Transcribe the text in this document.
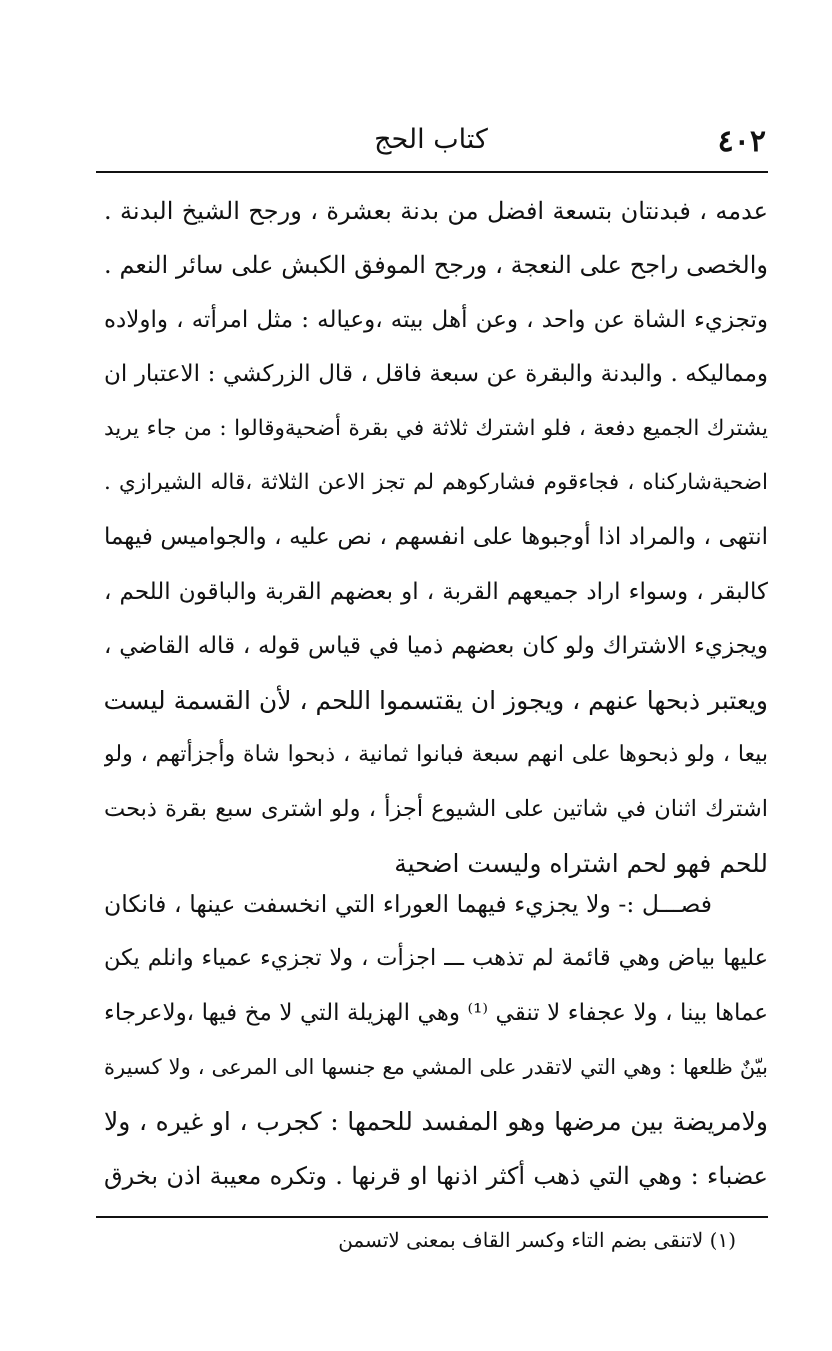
٤٠٢
كتاب الحج
عدمه ، فبدنتان بتسعة افضل من بدنة بعشرة ، ورجح الشيخ البدنة .
والخصى راجح على النعجة ، ورجح الموفق الكبش على سائر النعم .
وتجزيء الشاة عن واحد ، وعن أهل بيته ،وعياله : مثل امرأته ، واولاده
ومماليكه . والبدنة والبقرة عن سبعة فاقل ، قال الزركشي : الاعتبار ان
يشترك الجميع دفعة ، فلو اشترك ثلاثة في بقرة أضحيةوقالوا : من جاء يريد
اضحيةشاركناه ، فجاءقوم فشاركوهم لم تجز الاعن الثلاثة ،قاله الشيرازي .
انتهى ، والمراد اذا أوجبوها على انفسهم ، نص عليه ، والجواميس فيهما
كالبقر ، وسواء اراد جميعهم القربة ، او بعضهم القربة والباقون اللحم ،
ويجزيء الاشتراك ولو كان بعضهم ذميا في قياس قوله ، قاله القاضي ،
ويعتبر ذبحها عنهم ، ويجوز ان يقتسموا اللحم ، لأن القسمة ليست
بيعا ، ولو ذبحوها على انهم سبعة فبانوا ثمانية ، ذبحوا شاة وأجزأتهم ، ولو
اشترك اثنان في شاتين على الشيوع أجزأ ، ولو اشترى سبع بقرة ذبحت
للحم فهو لحم اشتراه وليست اضحية
فصـــل :- ولا يجزيء فيهما العوراء التي انخسفت عينها ، فانكان
عليها بياض وهي قائمة لم تذهب ـــ اجزأت ، ولا تجزيء عمياء وانلم يكن
عماها بينا ، ولا عجفاء لا تنقي ⁽¹⁾ وهي الهزيلة التي لا مخ فيها ،ولاعرجاء
بيّنٌ ظلعها : وهي التي لاتقدر على المشي مع جنسها الى المرعى ، ولا كسيرة
ولامريضة بين مرضها وهو المفسد للحمها : كجرب ، او غيره ، ولا
عضباء : وهي التي ذهب أكثر اذنها او قرنها . وتكره معيبة اذن بخرق
(١) لاتنقى بضم التاء وكسر القاف بمعنى لاتسمن
